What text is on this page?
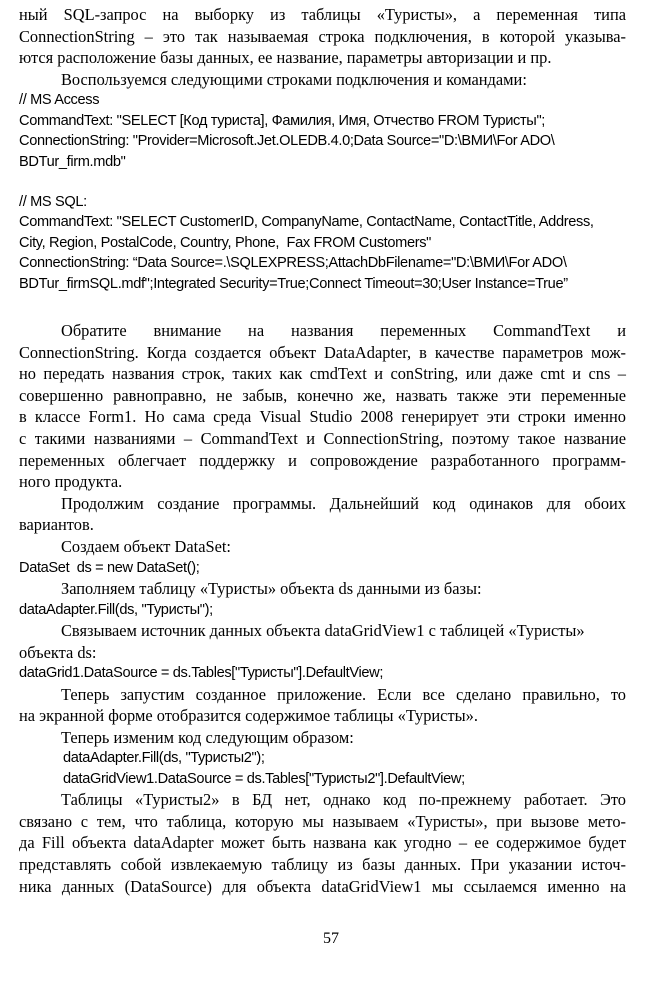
ный SQL-запрос на выборку из таблицы «Туристы», а переменная типа

ConnectionString – это так называемая строка подключения, в которой указыва-

ются расположение базы данных, ее название, параметры авторизации и пр.

Воспользуемся следующими строками подключения и командами:

// MS Access
CommandText: "SELECT [Код туриста], Фамилия, Имя, Отчество FROM Туристы";
ConnectionString: "Provider=Microsoft.Jet.OLEDB.4.0;Data Source="D:\ВМИ\For ADO\
BDTur_firm.mdb"
// MS SQL:
CommandText: "SELECT CustomerID, CompanyName, ContactName, ContactTitle, Address,
City, Region, PostalCode, Country, Phone,  Fax FROM Customers"
ConnectionString: “Data Source=.\SQLEXPRESS;AttachDbFilename="D:\ВМИ\For ADO\
BDTur_firmSQL.mdf";Integrated Security=True;Connect Timeout=30;User Instance=True”

Обратите внимание на названия переменных CommandText и

ConnectionString. Когда создается объект DataAdapter, в качестве параметров мож-

но передать названия строк, таких как cmdText и conString, или даже cmt и cns –

совершенно равноправно, не забыв, конечно же, назвать также эти переменные

в классе Form1. Но сама среда Visual Studio 2008 генерирует эти строки именно

с такими названиями – CommandText и ConnectionString, поэтому такое название

переменных облегчает поддержку и сопровождение разработанного программ-

ного продукта.

Продолжим создание программы. Дальнейший код одинаков для обоих

вариантов.

Создаем объект DataSet:

DataSet  ds = new DataSet();

Заполняем таблицу «Туристы» объекта ds данными из базы:

dataAdapter.Fill(ds, "Туристы");

Связываем источник данных объекта dataGridView1 с таблицей «Туристы»

объекта ds:

dataGrid1.DataSource = ds.Tables["Туристы"].DefaultView;

Теперь запустим созданное приложение. Если все сделано правильно, то

на экранной форме отобразится содержимое таблицы «Туристы».

Теперь изменим код следующим образом:

dataAdapter.Fill(ds, "Туристы2");
dataGridView1.DataSource = ds.Tables["Туристы2"].DefaultView;

Таблицы «Туристы2» в БД нет, однако код по-прежнему работает. Это

связано с тем, что таблица, которую мы называем «Туристы», при вызове мето-

да Fill объекта dataAdapter может быть названа как угодно – ее содержимое будет

представлять собой извлекаемую таблицу из базы данных. При указании источ-

ника данных (DataSource) для объекта dataGridView1 мы ссылаемся именно на

57
